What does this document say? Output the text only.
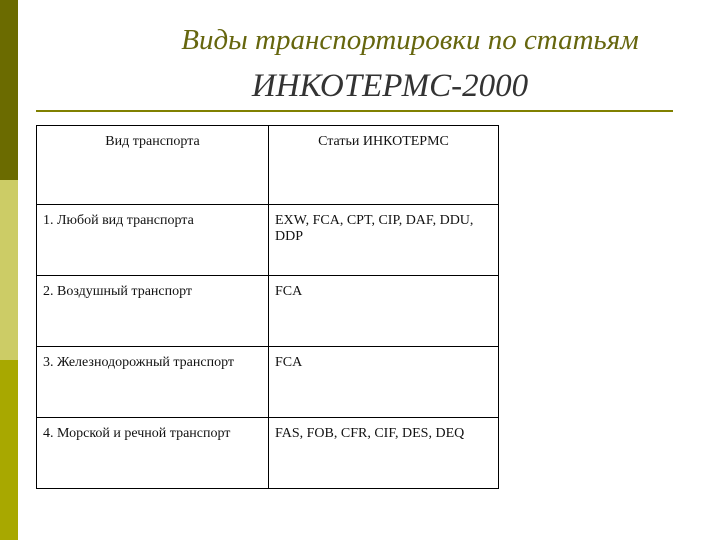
Виды транспортировки по статьям
ИНКОТЕРМС-2000
Вид транспорта	Статьи ИНКОТЕРМС
1. Любой вид транспорта	EXW, FCA, CPT, CIP, DAF, DDU, DDP
2. Воздушный транспорт	FCA
3. Железнодорожный транспорт	FCA
4. Морской и речной транспорт	FAS, FOB, CFR, CIF, DES, DEQ
